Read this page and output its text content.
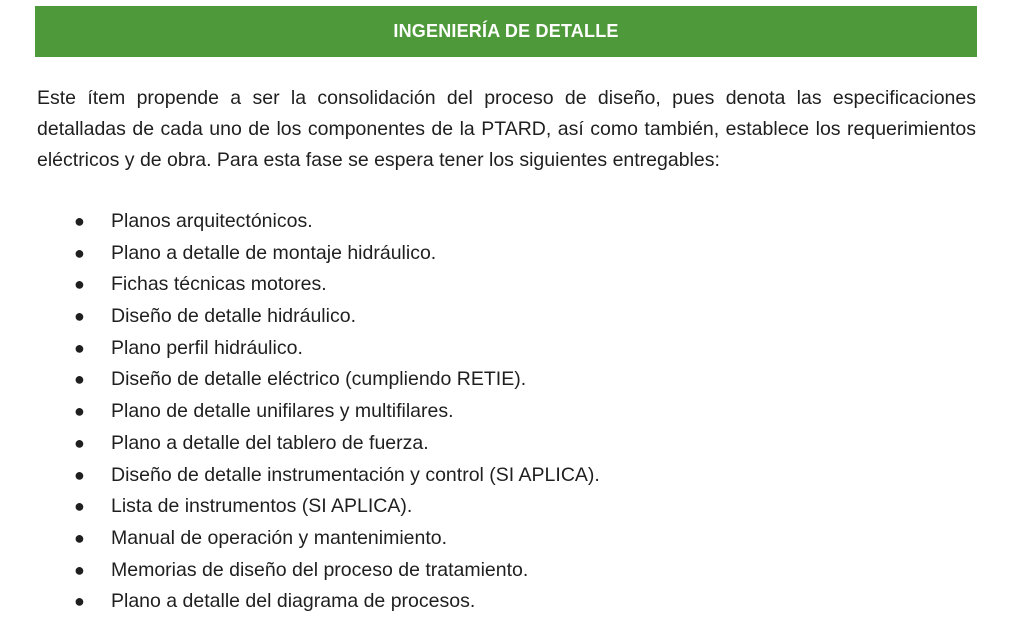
INGENIERÍA DE DETALLE

Este ítem propende a ser la consolidación del proceso de diseño, pues denota las especificaciones detalladas de cada uno de los componentes de la PTARD, así como también, establece los requerimientos eléctricos y de obra. Para esta fase se espera tener los siguientes entregables:

● Planos arquitectónicos.
● Plano a detalle de montaje hidráulico.
● Fichas técnicas motores.
● Diseño de detalle hidráulico.
● Plano perfil hidráulico.
● Diseño de detalle eléctrico (cumpliendo RETIE).
● Plano de detalle unifilares y multifilares.
● Plano a detalle del tablero de fuerza.
● Diseño de detalle instrumentación y control (SI APLICA).
● Lista de instrumentos (SI APLICA).
● Manual de operación y mantenimiento.
● Memorias de diseño del proceso de tratamiento.
● Plano a detalle del diagrama de procesos.
